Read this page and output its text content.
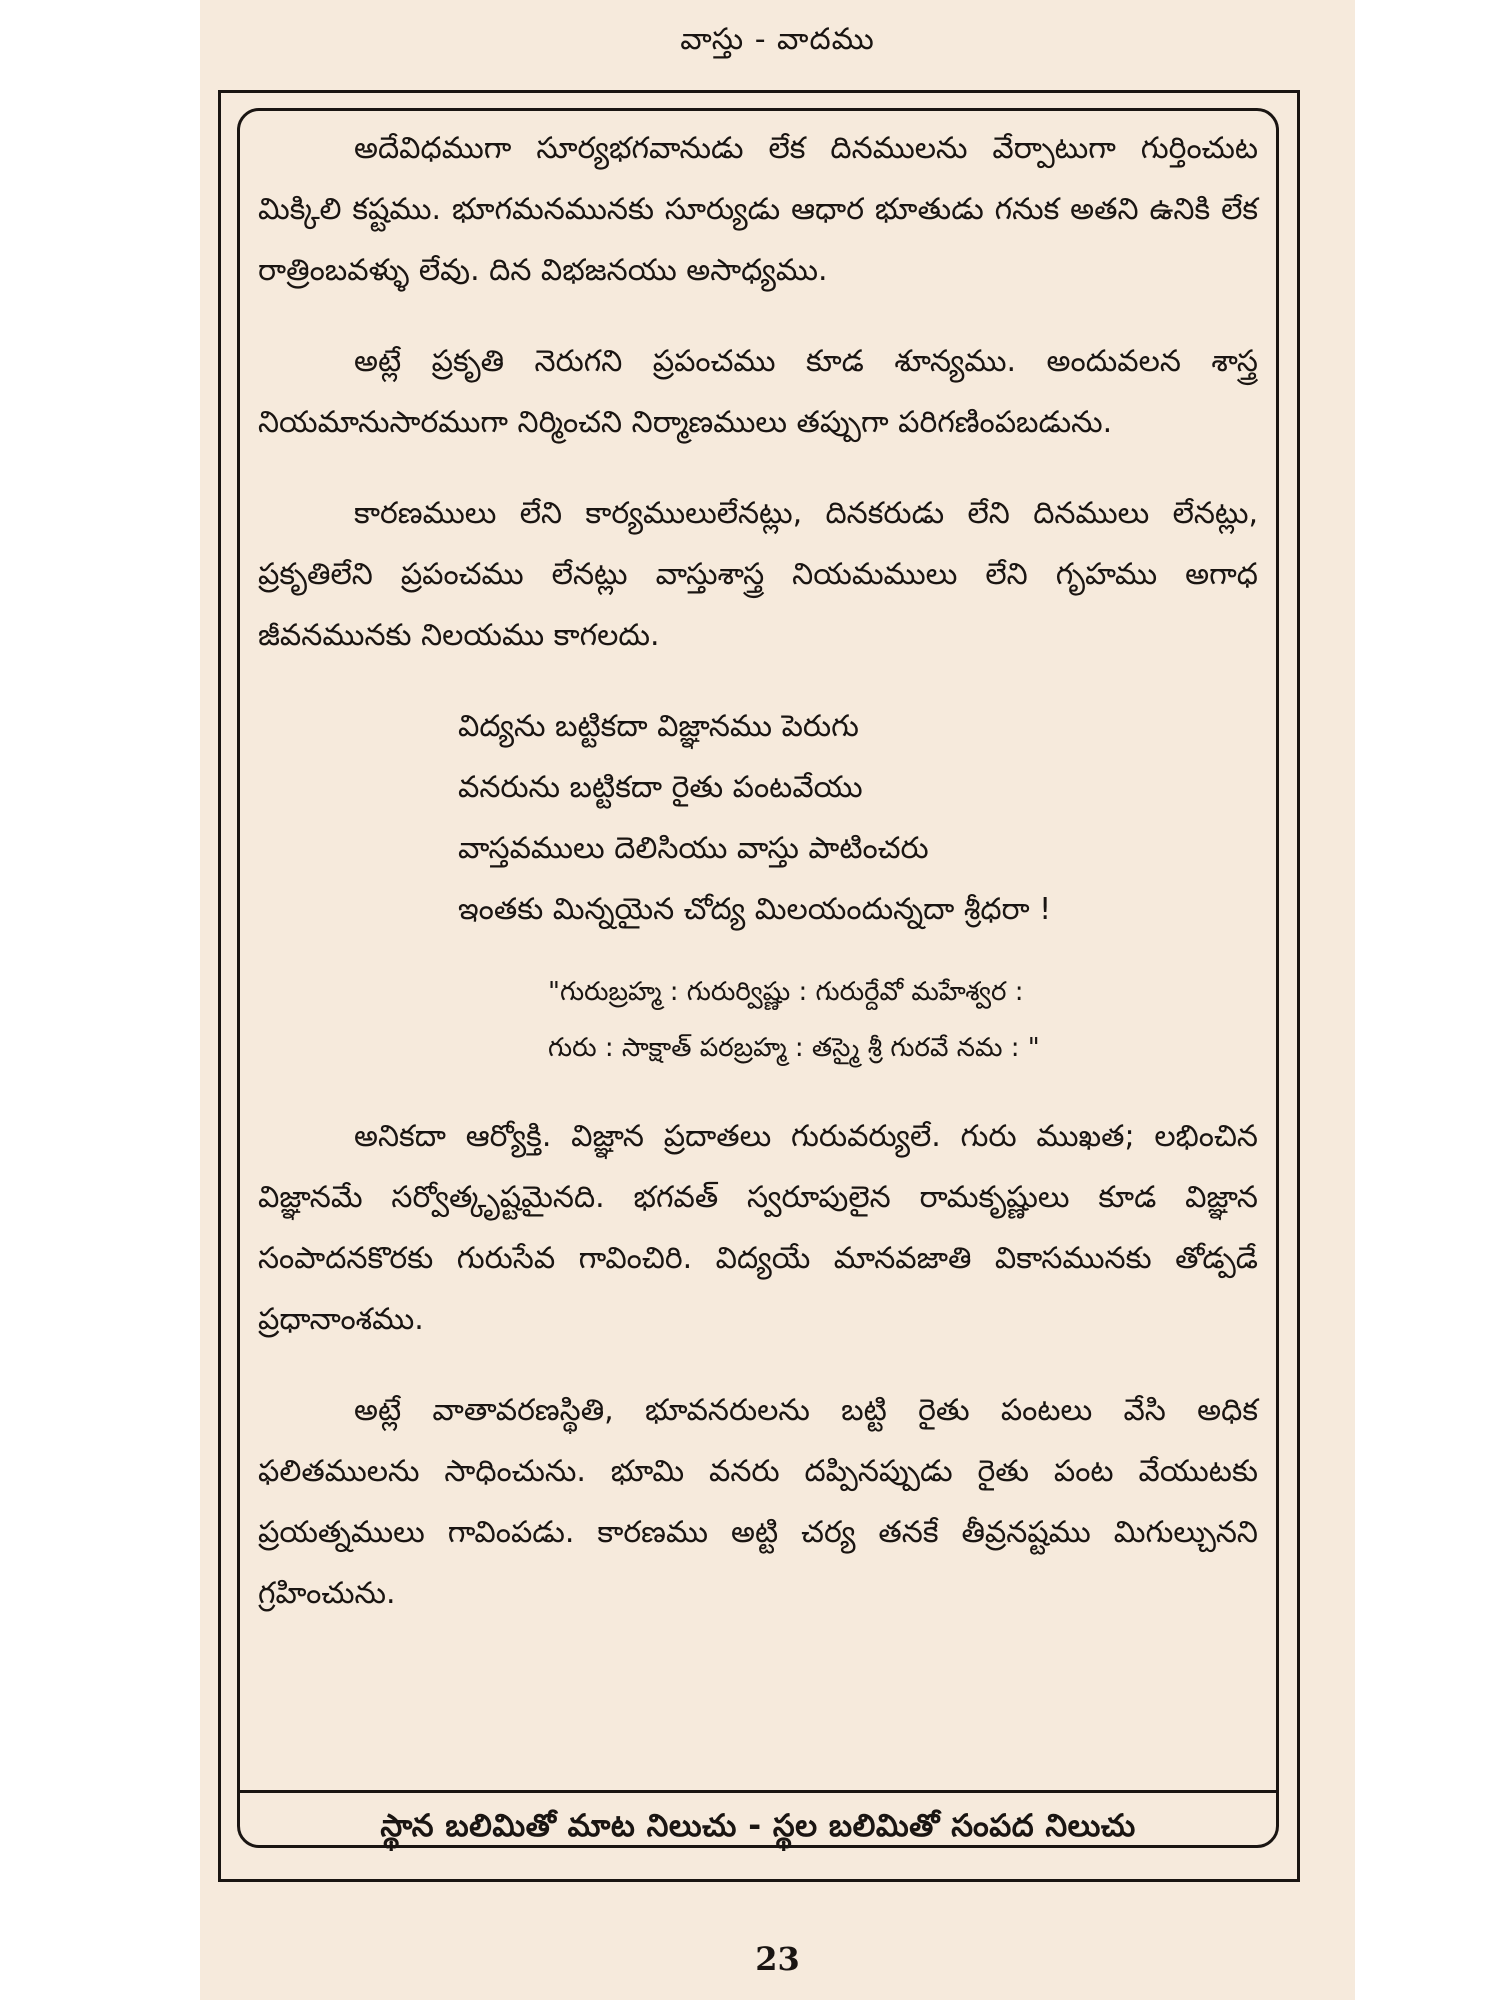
వాస్తు - వాదము

అదేవిధముగా సూర్యభగవానుడు లేక దినములను వేర్పాటుగా గుర్తించుట మిక్కిలి కష్టము. భూగమనమునకు సూర్యుడు ఆధార భూతుడు గనుక అతని ఉనికి లేక రాత్రింబవళ్ళు లేవు. దిన విభజనయు అసాధ్యము.

అట్లే ప్రకృతి నెరుగని ప్రపంచము కూడ శూన్యము. అందువలన శాస్త్ర నియమానుసారముగా నిర్మించని నిర్మాణములు తప్పుగా పరిగణింపబడును.

కారణములు లేని కార్యములులేనట్లు, దినకరుడు లేని దినములు లేనట్లు, ప్రకృతిలేని ప్రపంచము లేనట్లు వాస్తుశాస్త్ర నియమములు లేని గృహము అగాధ జీవనమునకు నిలయము కాగలదు.

విద్యను బట్టికదా విజ్ఞానము పెరుగు
వనరును బట్టికదా రైతు పంటవేయు
వాస్తవములు దెలిసియు వాస్తు పాటించరు
ఇంతకు మిన్నయైన చోద్య మిలయందున్నదా శ్రీధరా !
"గురుబ్రహ్మ : గురుర్విష్ణు : గురుర్దేవో మహేశ్వర :
గురు : సాక్షాత్ పరబ్రహ్మ : తస్మై శ్రీ గురవే నమ : "

అనికదా ఆర్యోక్తి. విజ్ఞాన ప్రదాతలు గురువర్యులే. గురు ముఖత; లభించిన విజ్ఞానమే సర్వోత్కృష్టమైనది. భగవత్ స్వరూపులైన రామకృష్ణులు కూడ విజ్ఞాన సంపాదనకొరకు గురుసేవ గావించిరి. విద్యయే మానవజాతి వికాసమునకు తోడ్పడే ప్రధానాంశము.

అట్లే వాతావరణస్థితి, భూవనరులను బట్టి రైతు పంటలు వేసి అధిక ఫలితములను సాధించును. భూమి వనరు దప్పినప్పుడు రైతు పంట వేయుటకు ప్రయత్నములు గావింపడు. కారణము అట్టి చర్య తనకే తీవ్రనష్టము మిగుల్చునని గ్రహించును.

స్థాన బలిమితో మాట నిలుచు - స్థల బలిమితో సంపద నిలుచు
23
